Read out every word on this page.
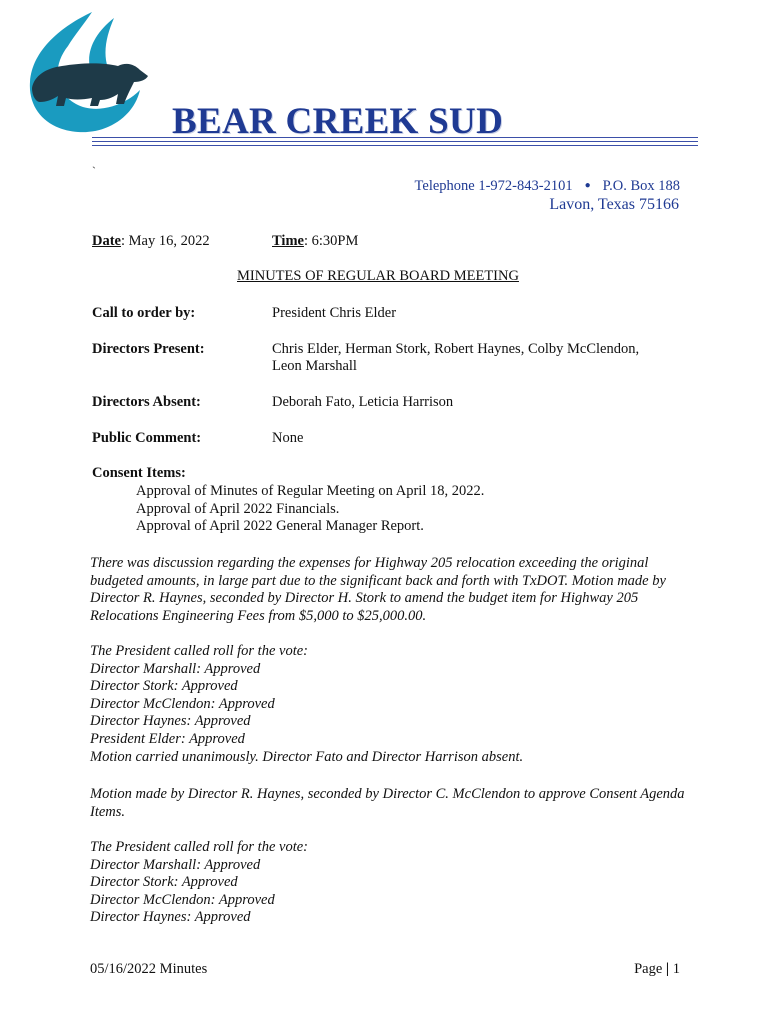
BEAR CREEK SUD
`
Telephone 1-972-843-2101 ● P.O. Box 188
Lavon, Texas 75166
Date: May 16, 2022	Time: 6:30PM
MINUTES OF REGULAR BOARD MEETING
Call to order by:	President Chris Elder
Directors Present:	Chris Elder, Herman Stork, Robert Haynes, Colby McClendon,
Leon Marshall
Directors Absent:	Deborah Fato, Leticia Harrison
Public Comment:	None
Consent Items:
Approval of Minutes of Regular Meeting on April 18, 2022.
Approval of April 2022 Financials.
Approval of April 2022 General Manager Report.
There was discussion regarding the expenses for Highway 205 relocation exceeding the original budgeted amounts, in large part due to the significant back and forth with TxDOT. Motion made by Director R. Haynes, seconded by Director H. Stork to amend the budget item for Highway 205 Relocations Engineering Fees from $5,000 to $25,000.00.
The President called roll for the vote:
Director Marshall: Approved
Director Stork: Approved
Director McClendon: Approved
Director Haynes: Approved
President Elder: Approved
Motion carried unanimously. Director Fato and Director Harrison absent.
Motion made by Director R. Haynes, seconded by Director C. McClendon to approve Consent Agenda Items.
The President called roll for the vote:
Director Marshall: Approved
Director Stork: Approved
Director McClendon: Approved
Director Haynes: Approved
05/16/2022 Minutes	Page | 1
